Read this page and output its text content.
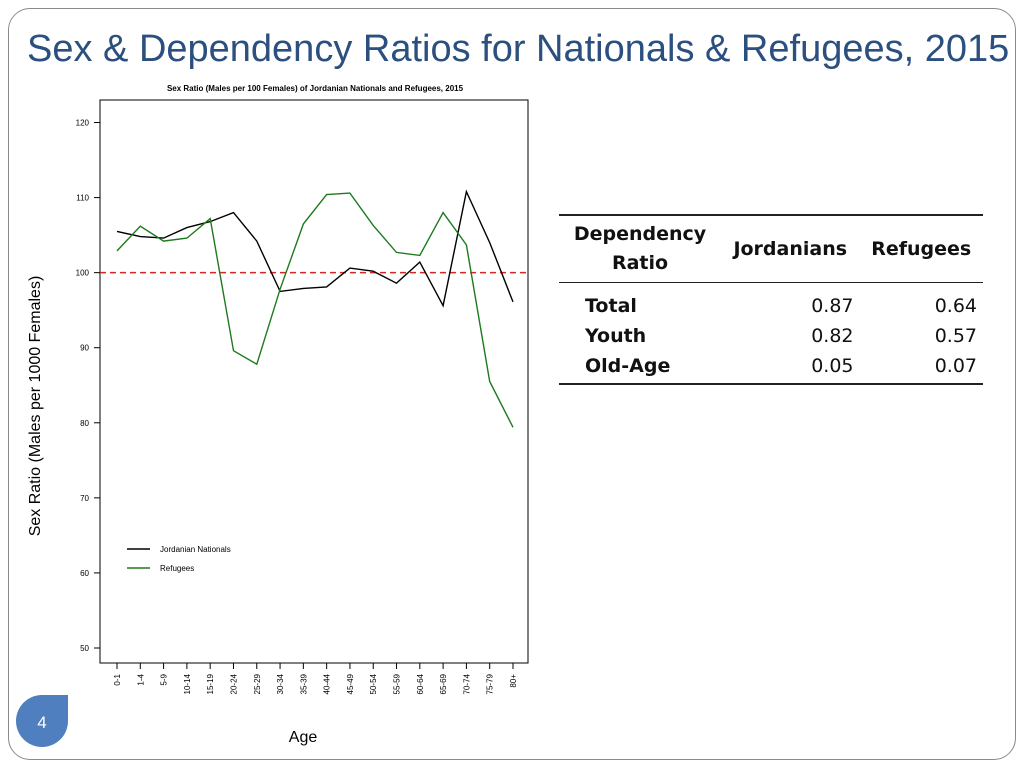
Sex & Dependency Ratios for Nationals & Refugees, 2015
Sex Ratio (Males per 100 Females) of Jordanian Nationals and Refugees, 2015
50
60
70
80
90
100
110
120
0-1 1-4 5-9 10-14 15-19 20-24 25-29 30-34 35-39 40-44 45-49 50-54 55-59 60-64 65-69 70-74 75-79 80+
Jordanian Nationals
Refugees
Age
Sex Ratio (Males per 1000 Females)
Dependency Ratio	Jordanians	Refugees
Total	0.87	0.64
Youth	0.82	0.57
Old-Age	0.05	0.07
4
